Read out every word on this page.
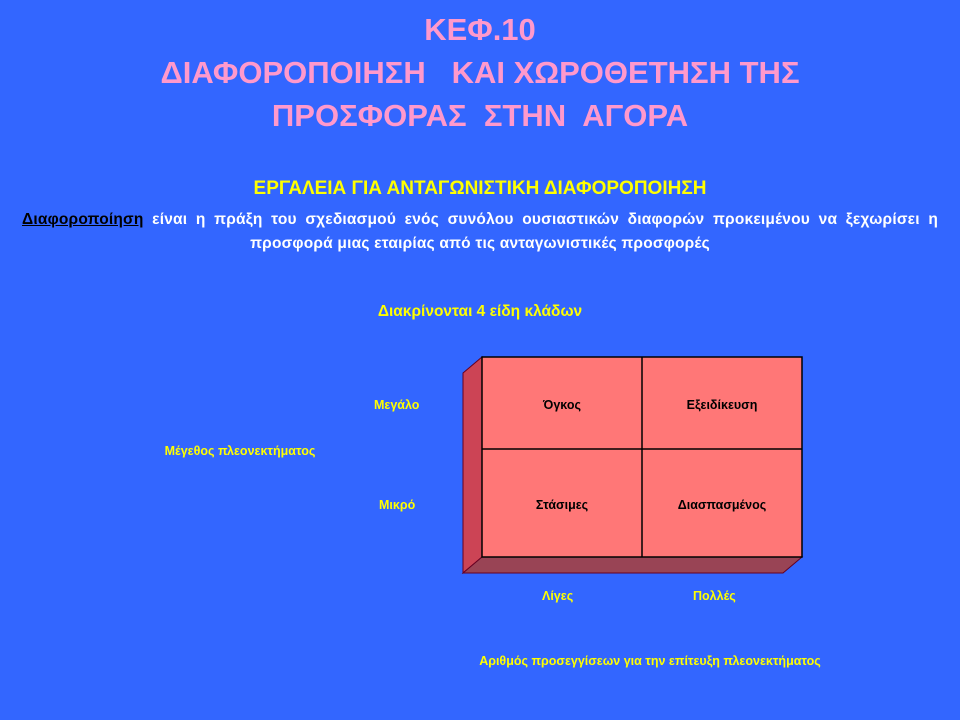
ΚΕΦ.10
ΔΙΑΦΟΡΟΠΟΙΗΣΗ   ΚΑΙ ΧΩΡΟΘΕΤΗΣΗ ΤΗΣ
ΠΡΟΣΦΟΡΑΣ  ΣΤΗΝ  ΑΓΟΡΑ
ΕΡΓΑΛΕΙΑ ΓΙΑ ΑΝΤΑΓΩΝΙΣΤΙΚΗ ΔΙΑΦΟΡΟΠΟΙΗΣΗ
Διαφοροποίηση είναι η πράξη του σχεδιασμού ενός συνόλου ουσιαστικών διαφορών προκειμένου να ξεχωρίσει η προσφορά μιας εταιρίας από τις ανταγωνιστικές προσφορές
Διακρίνονται 4 είδη κλάδων
Όγκος	Εξειδίκευση
Στάσιμες	Διασπασμένος
Μεγάλο
Μικρό
Μέγεθος πλεονεκτήματος
Λίγες	Πολλές
Αριθμός προσεγγίσεων για την επίτευξη πλεονεκτήματος
